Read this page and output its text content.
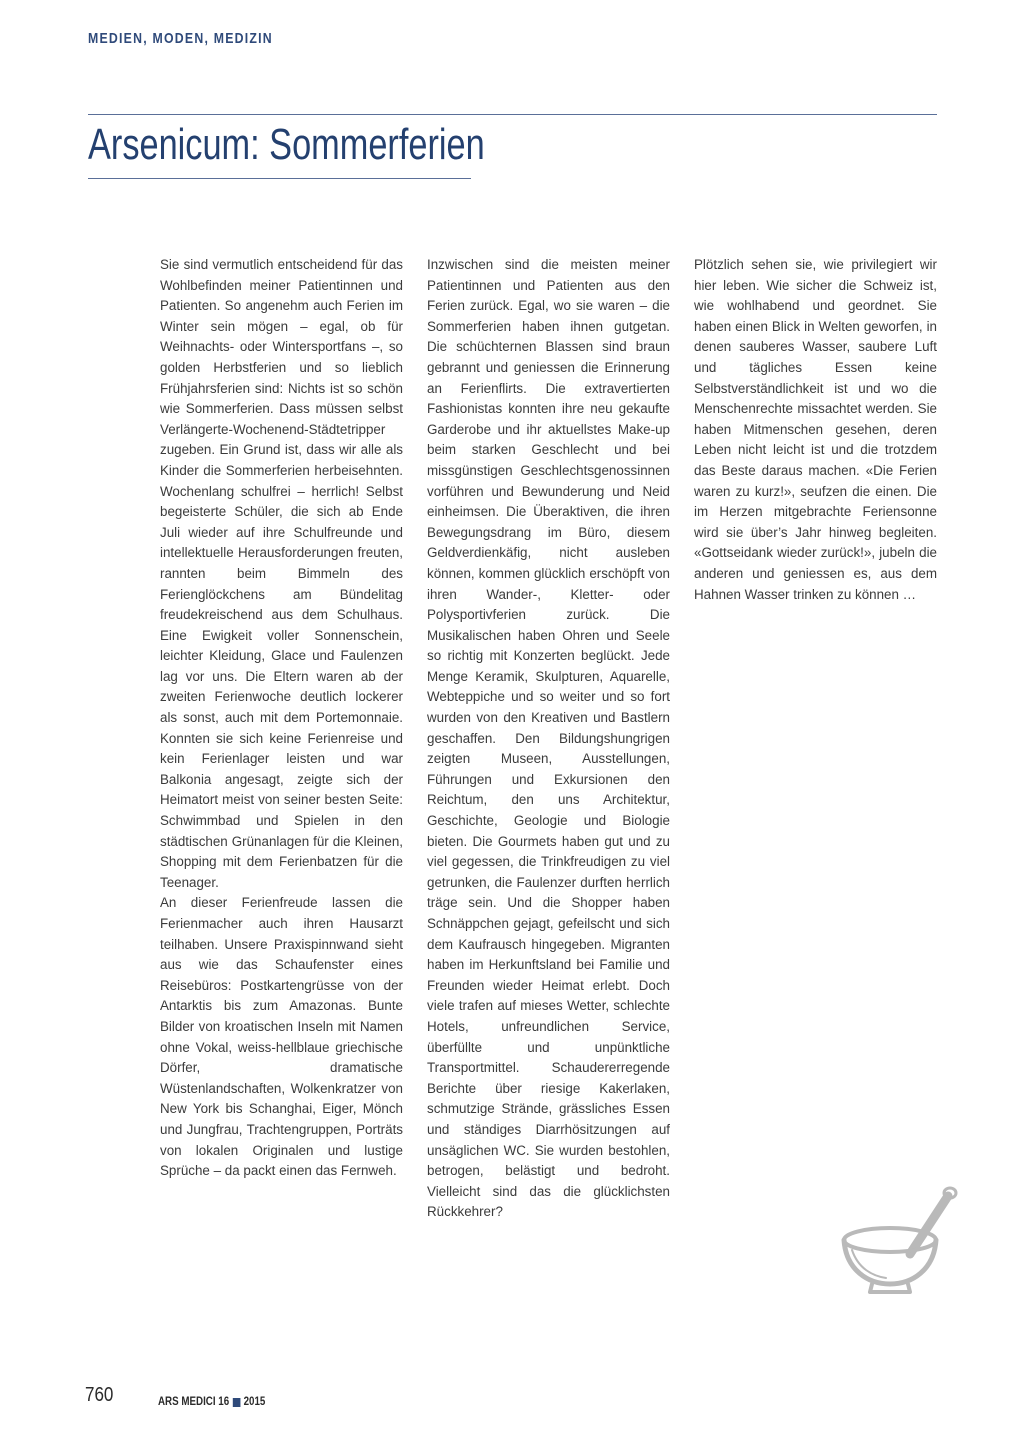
MEDIEN, MODEN, MEDIZIN
Arsenicum: Sommerferien

Sie sind vermutlich entscheidend für das Wohlbefinden meiner Patientinnen und Patienten. So angenehm auch Ferien im Winter sein mögen – egal, ob für Weihnachts- oder Wintersportfans –, so golden Herbstferien und so lieblich Frühjahrsferien sind: Nichts ist so schön wie Sommerferien. Dass müssen selbst Verlängerte-Wochenend-Städtetripper zugeben. Ein Grund ist, dass wir alle als Kinder die Sommerferien herbeisehnten. Wochenlang schulfrei – herrlich! Selbst begeisterte Schüler, die sich ab Ende Juli wieder auf ihre Schulfreunde und intellektuelle Herausforderungen freuten, rannten beim Bimmeln des Ferienglöckchens am Bündelitag freudekreischend aus dem Schulhaus. Eine Ewigkeit voller Sonnenschein, leichter Kleidung, Glace und Faulenzen lag vor uns. Die Eltern waren ab der zweiten Ferienwoche deutlich lockerer als sonst, auch mit dem Portemonnaie. Konnten sie sich keine Ferienreise und kein Ferienlager leisten und war Balkonia angesagt, zeigte sich der Heimatort meist von seiner besten Seite: Schwimmbad und Spielen in den städtischen Grünanlagen für die Kleinen, Shopping mit dem Ferienbatzen für die Teenager.

An dieser Ferienfreude lassen die Ferienmacher auch ihren Hausarzt teilhaben. Unsere Praxispinnwand sieht aus wie das Schaufenster eines Reisebüros: Postkartengrüsse von der Antarktis bis zum Amazonas. Bunte Bilder von kroatischen Inseln mit Namen ohne Vokal, weiss-hellblaue griechische Dörfer, dramatische Wüstenlandschaften, Wolkenkratzer von New York bis Schanghai, Eiger, Mönch und Jungfrau, Trachtengruppen, Porträts von lokalen Originalen und lustige Sprüche – da packt einen das Fernweh.

Inzwischen sind die meisten meiner Patientinnen und Patienten aus den Ferien zurück. Egal, wo sie waren – die Sommerferien haben ihnen gutgetan. Die schüchternen Blassen sind braun gebrannt und geniessen die Erinnerung an Ferienflirts. Die extravertierten Fashionistas konnten ihre neu gekaufte Garderobe und ihr aktuellstes Make-up beim starken Geschlecht und bei missgünstigen Geschlechtsgenossinnen vorführen und Bewunderung und Neid einheimsen. Die Überaktiven, die ihren Bewegungsdrang im Büro, diesem Geldverdienkäfig, nicht ausleben können, kommen glücklich erschöpft von ihren Wander-, Kletter- oder Polysportivferien zurück. Die Musikalischen haben Ohren und Seele so richtig mit Konzerten beglückt. Jede Menge Keramik, Skulpturen, Aquarelle, Webteppiche und so weiter und so fort wurden von den Kreativen und Bastlern geschaffen. Den Bildungshungrigen zeigten Museen, Ausstellungen, Führungen und Exkursionen den Reichtum, den uns Architektur, Geschichte, Geologie und Biologie bieten. Die Gourmets haben gut und zu viel gegessen, die Trinkfreudigen zu viel getrunken, die Faulenzer durften herrlich träge sein. Und die Shopper haben Schnäppchen gejagt, gefeilscht und sich dem Kaufrausch hingegeben. Migranten haben im Herkunftsland bei Familie und Freunden wieder Heimat erlebt. Doch viele trafen auf mieses Wetter, schlechte Hotels, unfreundlichen Service, überfüllte und unpünktliche Transportmittel. Schaudererregende Berichte über riesige Kakerlaken, schmutzige Strände, grässliches Essen und ständiges Diarrhösitzungen auf unsäglichen WC. Sie wurden bestohlen, betrogen, belästigt und bedroht. Vielleicht sind das die glücklichsten Rückkehrer?

Plötzlich sehen sie, wie privilegiert wir hier leben. Wie sicher die Schweiz ist, wie wohlhabend und geordnet. Sie haben einen Blick in Welten geworfen, in denen sauberes Wasser, saubere Luft und tägliches Essen keine Selbstverständlichkeit ist und wo die Menschenrechte missachtet werden. Sie haben Mitmenschen gesehen, deren Leben nicht leicht ist und die trotzdem das Beste daraus machen. «Die Ferien waren zu kurz!», seufzen die einen. Die im Herzen mitgebrachte Feriensonne wird sie über’s Jahr hinweg begleiten. «Gottseidank wieder zurück!», jubeln die anderen und geniessen es, aus dem Hahnen Wasser trinken zu können …

760	ARS MEDICI 16 2015
